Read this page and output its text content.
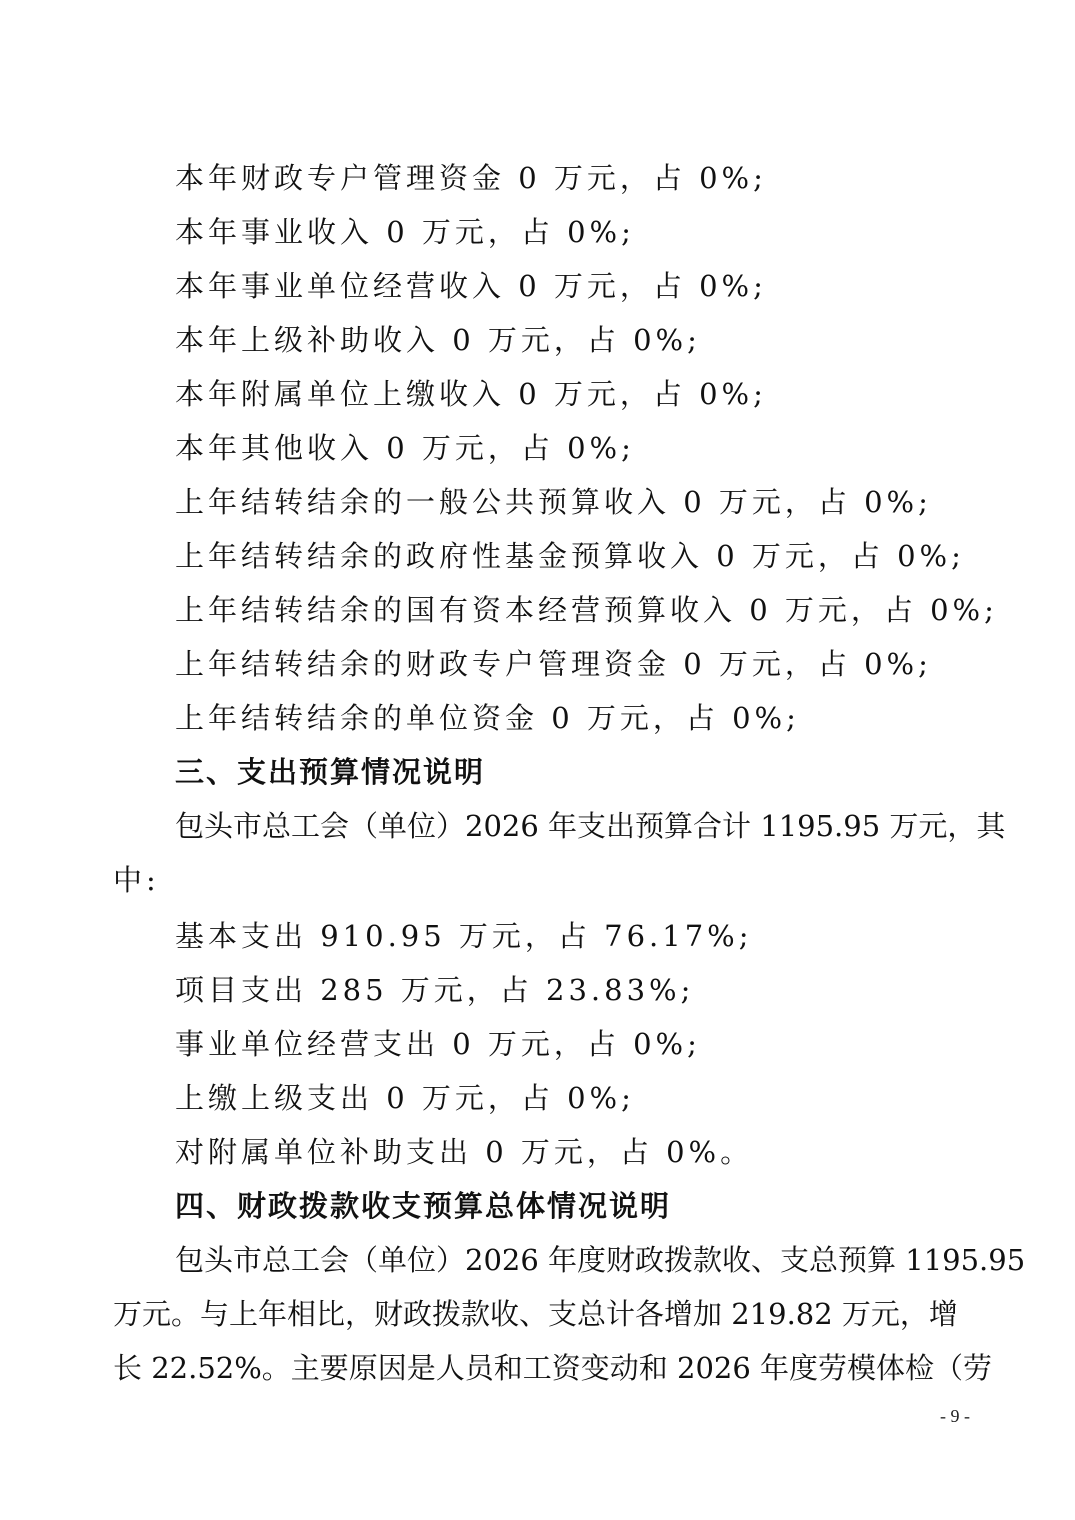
本年财政专户管理资金 0 万元，占 0%;
本年事业收入 0 万元，占 0%;
本年事业单位经营收入 0 万元，占 0%;
本年上级补助收入 0 万元，占 0%;
本年附属单位上缴收入 0 万元，占 0%;
本年其他收入 0 万元，占 0%;
上年结转结余的一般公共预算收入 0 万元，占 0%;
上年结转结余的政府性基金预算收入 0 万元，占 0%;
上年结转结余的国有资本经营预算收入 0 万元，占 0%;
上年结转结余的财政专户管理资金 0 万元，占 0%;
上年结转结余的单位资金 0 万元，占 0%;
三、支出预算情况说明
包头市总工会（单位）2026 年支出预算合计 1195.95 万元，其
中:
基本支出 910.95 万元，占 76.17%;
项目支出 285 万元，占 23.83%;
事业单位经营支出 0 万元，占 0%;
上缴上级支出 0 万元，占 0%;
对附属单位补助支出 0 万元，占 0%。
四、财政拨款收支预算总体情况说明
包头市总工会（单位）2026 年度财政拨款收、支总预算 1195.95
万元。与上年相比，财政拨款收、支总计各增加 219.82 万元，增
长 22.52%。主要原因是人员和工资变动和 2026 年度劳模体检（劳
- 9 -
